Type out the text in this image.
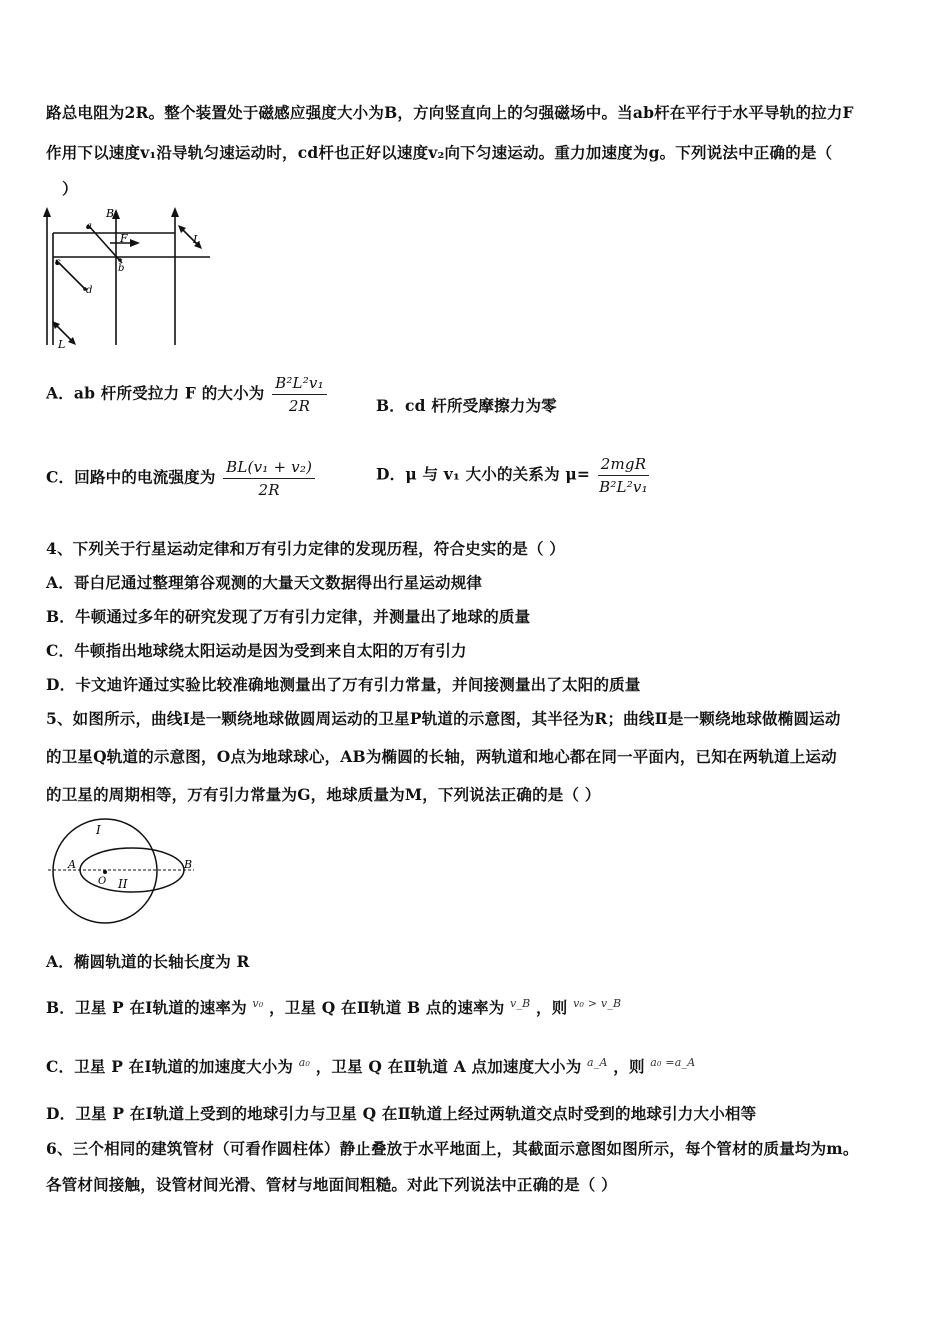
路总电阻为2R。整个装置处于磁感应强度大小为B，方向竖直向上的匀强磁场中。当ab杆在平行于水平导轨的拉力F
作用下以速度v₁沿导轨匀速运动时，cd杆也正好以速度v₂向下匀速运动。重力加速度为g。下列说法中正确的是（
）
B
a
F
b
c
d
L
L
A．ab 杆所受拉力 F 的大小为 $\frac{\text{B²L²v₁}}{2R}$	B．cd 杆所受摩擦力为零
C．回路中的电流强度为 $\frac{\text{BL(v₁ + v₂)}}{2R}$	D．μ 与 v₁ 大小的关系为 $\mu= \frac{\text{2mgR}}{\text{B²L²v₁}}$
4、下列关于行星运动定律和万有引力定律的发现历程，符合史实的是（ ）
A．哥白尼通过整理第谷观测的大量天文数据得出行星运动规律
B．牛顿通过多年的研究发现了万有引力定律，并测量出了地球的质量
C．牛顿指出地球绕太阳运动是因为受到来自太阳的万有引力
D．卡文迪许通过实验比较准确地测量出了万有引力常量，并间接测量出了太阳的质量
5、如图所示，曲线Ⅰ是一颗绕地球做圆周运动的卫星P轨道的示意图，其半径为R；曲线Ⅱ是一颗绕地球做椭圆运动
的卫星Q轨道的示意图，O点为地球球心，AB为椭圆的长轴，两轨道和地心都在同一平面内，已知在两轨道上运动
的卫星的周期相等，万有引力常量为G，地球质量为M，下列说法正确的是（ ）
I
II
A	B
O
A．椭圆轨道的长轴长度为 R
B．卫星 P 在Ⅰ轨道的速率为 $^{v_0}$ ，卫星 Q 在Ⅱ轨道 B 点的速率为 $^{v\_B}$ ，则 $^{v_0 > v\_B}$
C．卫星 P 在Ⅰ轨道的加速度大小为 $^{a_0}$ ，卫星 Q 在Ⅱ轨道 A 点加速度大小为 $^{a\_A}$ ，则 $^{a_0 =a\_A}$
D．卫星 P 在Ⅰ轨道上受到的地球引力与卫星 Q 在Ⅱ轨道上经过两轨道交点时受到的地球引力大小相等
6、三个相同的建筑管材（可看作圆柱体）静止叠放于水平地面上，其截面示意图如图所示，每个管材的质量均为m。
各管材间接触，设管材间光滑、管材与地面间粗糙。对此下列说法中正确的是（ ）
